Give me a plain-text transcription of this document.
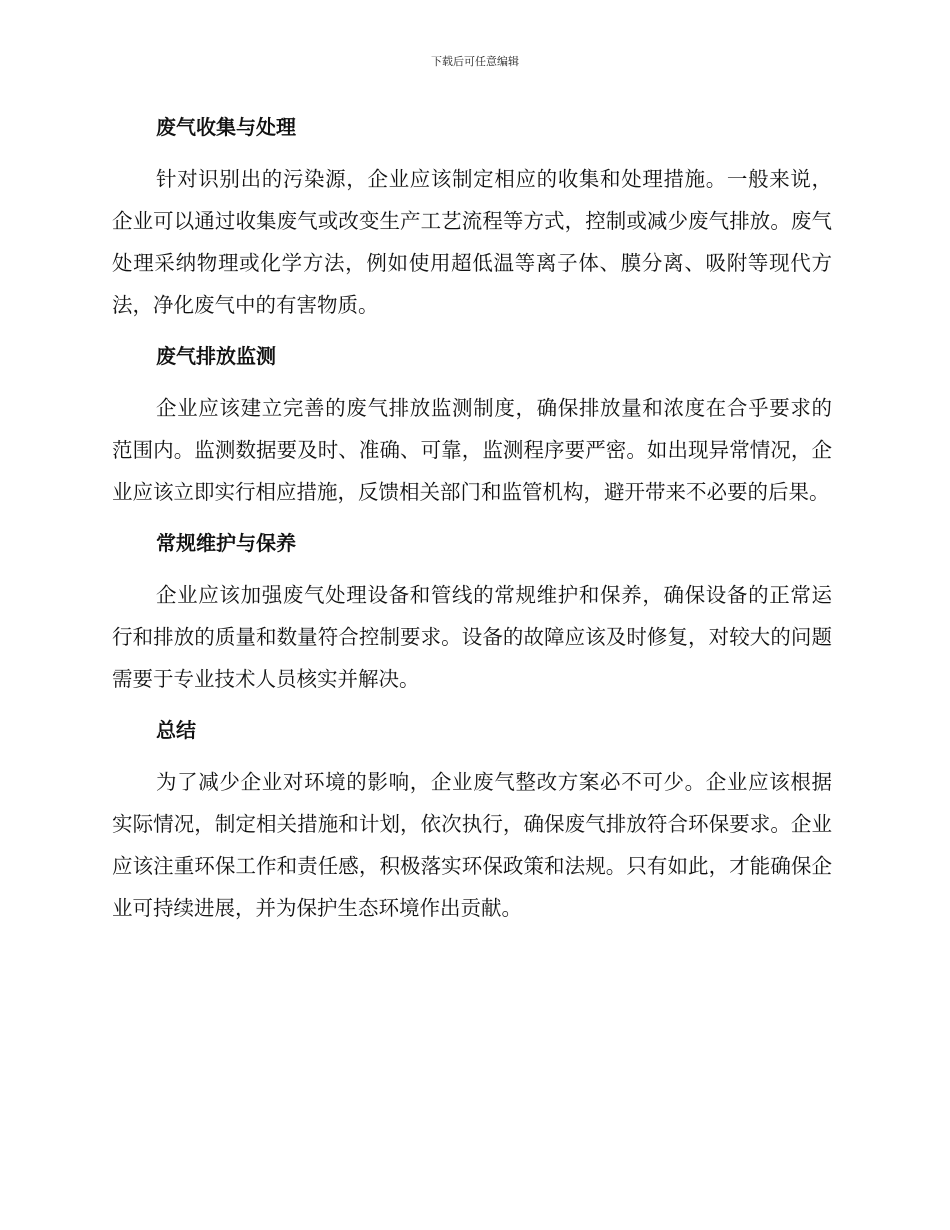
下载后可任意编辑
废气收集与处理

针对识别出的污染源，企业应该制定相应的收集和处理措施。一般来说，企业可以通过收集废气或改变生产工艺流程等方式，控制或减少废气排放。废气处理采纳物理或化学方法，例如使用超低温等离子体、膜分离、吸附等现代方法，净化废气中的有害物质。

废气排放监测

企业应该建立完善的废气排放监测制度，确保排放量和浓度在合乎要求的范围内。监测数据要及时、准确、可靠，监测程序要严密。如出现异常情况，企业应该立即实行相应措施，反馈相关部门和监管机构，避开带来不必要的后果。

常规维护与保养

企业应该加强废气处理设备和管线的常规维护和保养，确保设备的正常运行和排放的质量和数量符合控制要求。设备的故障应该及时修复，对较大的问题需要于专业技术人员核实并解决。

总结

为了减少企业对环境的影响，企业废气整改方案必不可少。企业应该根据实际情况，制定相关措施和计划，依次执行，确保废气排放符合环保要求。企业应该注重环保工作和责任感，积极落实环保政策和法规。只有如此，才能确保企业可持续进展，并为保护生态环境作出贡献。
